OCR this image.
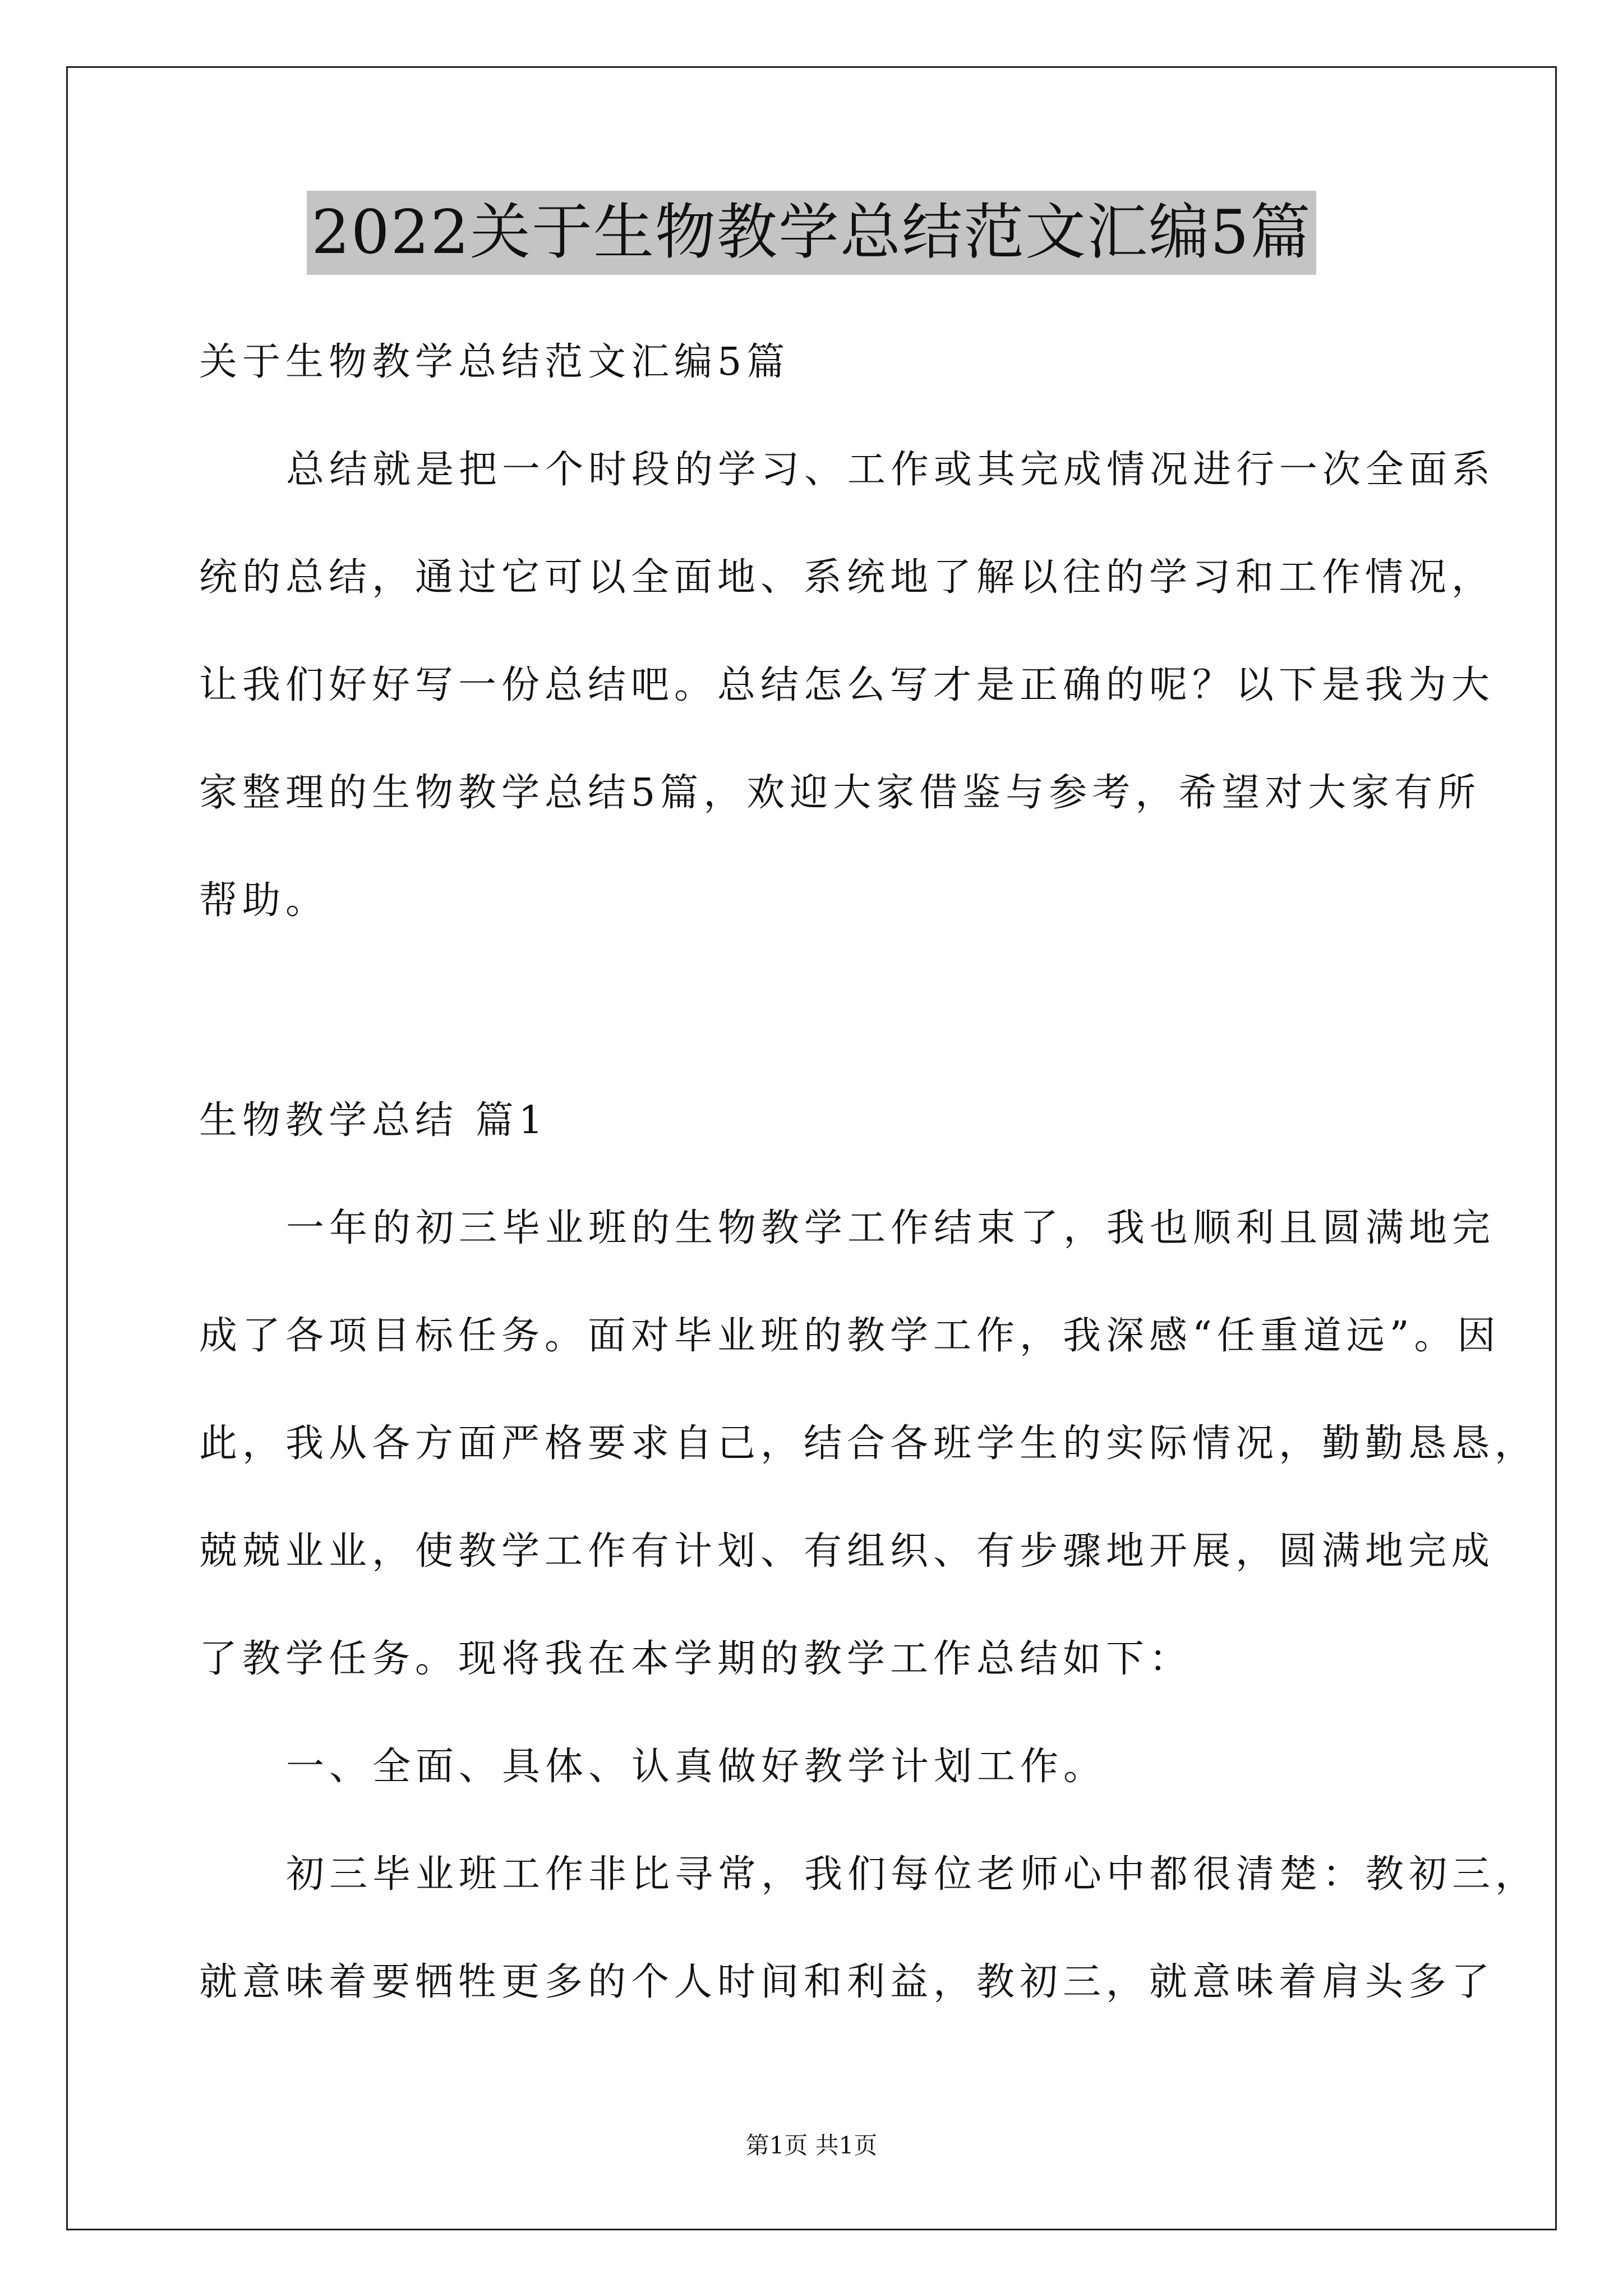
2022关于生物教学总结范文汇编5篇

关于生物教学总结范文汇编5篇

总结就是把一个时段的学习、工作或其完成情况进行一次全面系

统的总结，通过它可以全面地、系统地了解以往的学习和工作情况，

让我们好好写一份总结吧。总结怎么写才是正确的呢？以下是我为大

家整理的生物教学总结5篇，欢迎大家借鉴与参考，希望对大家有所

帮助。

生物教学总结 篇1

一年的初三毕业班的生物教学工作结束了，我也顺利且圆满地完

成了各项目标任务。面对毕业班的教学工作，我深感“任重道远”。因

此，我从各方面严格要求自己，结合各班学生的实际情况，勤勤恳恳，

兢兢业业，使教学工作有计划、有组织、有步骤地开展，圆满地完成

了教学任务。现将我在本学期的教学工作总结如下：

一、全面、具体、认真做好教学计划工作。

初三毕业班工作非比寻常，我们每位老师心中都很清楚：教初三，

就意味着要牺牲更多的个人时间和利益，教初三，就意味着肩头多了

第1页 共1页
